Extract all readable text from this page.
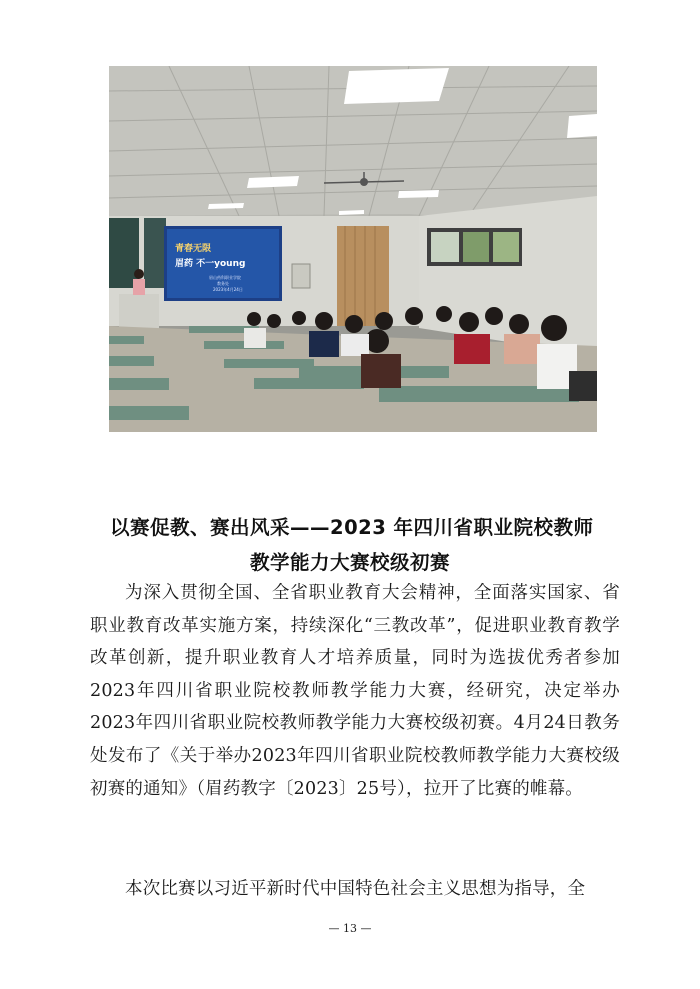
青春无限
眉药 不一young
眉山药科职业学院
教务处
2023年4月24日
以赛促教、赛出风采——2023 年四川省职业院校教师
教学能力大赛校级初赛
为深入贯彻全国、全省职业教育大会精神，全面落实国家、省职业教育改革实施方案，持续深化“三教改革”，促进职业教育教学改革创新，提升职业教育人才培养质量，同时为选拔优秀者参加2023年四川省职业院校教师教学能力大赛，经研究，决定举办2023年四川省职业院校教师教学能力大赛校级初赛。4月24日教务处发布了《关于举办2023年四川省职业院校教师教学能力大赛校级初赛的通知》（眉药教字〔2023〕25号），拉开了比赛的帷幕。
本次比赛以习近平新时代中国特色社会主义思想为指导，全
— 13 —
